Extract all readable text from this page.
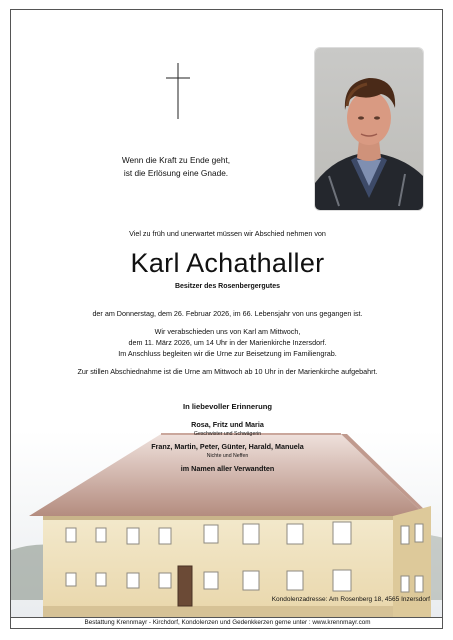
Wenn die Kraft zu Ende geht,
ist die Erlösung eine Gnade.
Viel zu früh und unerwartet müssen wir Abschied nehmen von
Karl Achathaller
Besitzer des Rosenbergergutes
der am Donnerstag, dem 26. Februar 2026, im 66. Lebensjahr von uns gegangen ist.
Wir verabschieden uns von Karl am Mittwoch,
dem 11. März 2026, um 14 Uhr in der Marienkirche Inzersdorf.
Im Anschluss begleiten wir die Urne zur Beisetzung im Familiengrab.
Zur stillen Abschiednahme ist die Urne am Mittwoch ab 10 Uhr in der Marienkirche aufgebahrt.
In liebevoller Erinnerung
Rosa, Fritz und Maria
Geschwister und Schwägerin
Franz, Martin, Peter, Günter, Harald, Manuela
Nichte und Neffen
im Namen aller Verwandten
Kondolenzadresse: Am Rosenberg 18, 4565 Inzersdorf
Bestattung Krennmayr - Kirchdorf, Kondolenzen und Gedenkkerzen gerne unter : www.krennmayr.com
